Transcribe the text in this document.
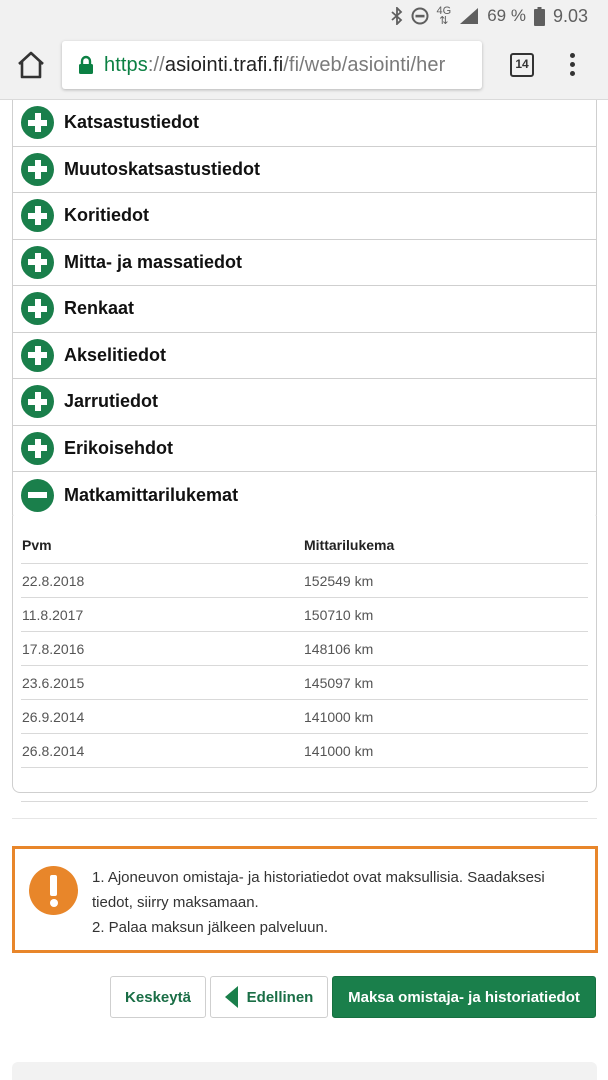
4G
⇅ 69 % 9.03
https://asiointi.trafi.fi/fi/web/asiointi/her	14
Katsastustiedot
Muutoskatsastustiedot
Koritiedot
Mitta- ja massatiedot
Renkaat
Akselitiedot
Jarrutiedot
Erikoisehdot
Matkamittarilukemat
Pvm	Mittarilukema
22.8.2018	152549 km
11.8.2017	150710 km
17.8.2016	148106 km
23.6.2015	145097 km
26.9.2014	141000 km
26.8.2014	141000 km
1. Ajoneuvon omistaja- ja historiatiedot ovat maksullisia. Saadaksesi tiedot, siirry maksamaan.
2. Palaa maksun jälkeen palveluun.
Keskeytä	Edellinen Maksa omistaja- ja historiatiedot
